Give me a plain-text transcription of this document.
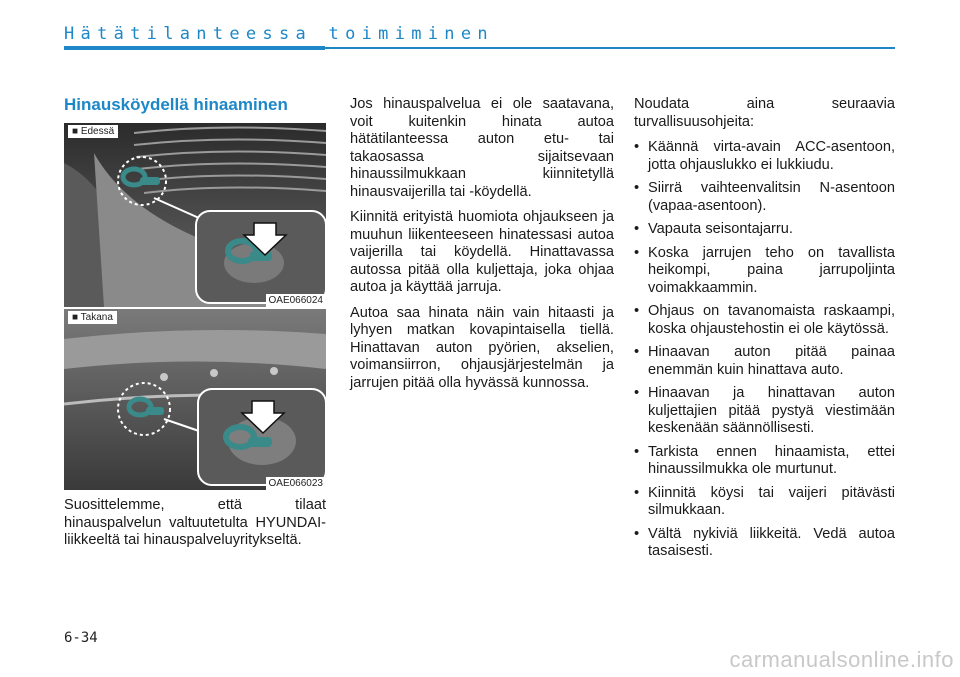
Hätätilanteessa toimiminen
Hinausköydellä hinaaminen
■ Edessä
OAE066024
■ Takana
OAE066023

Suosittelemme, että tilaat hinauspalvelun valtuutetulta HYUNDAI-liikkeeltä tai hinauspalveluyritykseltä.

Jos hinauspalvelua ei ole saatavana, voit kuitenkin hinata autoa hätätilanteessa auton etu- tai takaosassa sijaitsevaan hinaussilmukkaan kiinnitetyllä hinausvaijerilla tai -köydellä.

Kiinnitä erityistä huomiota ohjaukseen ja muuhun liikenteeseen hinatessasi autoa vaijerilla tai köydellä. Hinattavassa autossa pitää olla kuljettaja, joka ohjaa autoa ja käyttää jarruja.

Autoa saa hinata näin vain hitaasti ja lyhyen matkan kovapintaisella tiellä. Hinattavan auton pyörien, akselien, voimansiirron, ohjausjärjestelmän ja jarrujen pitää olla hyvässä kunnossa.

Noudata aina seuraavia turvallisuusohjeita:

• Käännä virta-avain ACC-asentoon, jotta ohjauslukko ei lukkiudu.
• Siirrä vaihteenvalitsin N-asentoon (vapaa-asentoon).
• Vapauta seisontajarru.
• Koska jarrujen teho on tavallista heikompi, paina jarrupoljinta voimakkaammin.
• Ohjaus on tavanomaista raskaampi, koska ohjaustehostin ei ole käytössä.
• Hinaavan auton pitää painaa enemmän kuin hinattava auto.
• Hinaavan ja hinattavan auton kuljettajien pitää pystyä viestimään keskenään säännöllisesti.
• Tarkista ennen hinaamista, ettei hinaussilmukka ole murtunut.
• Kiinnitä köysi tai vaijeri pitävästi silmukkaan.
• Vältä nykiviä liikkeitä. Vedä autoa tasaisesti.
6-34
carmanualsonline.info
